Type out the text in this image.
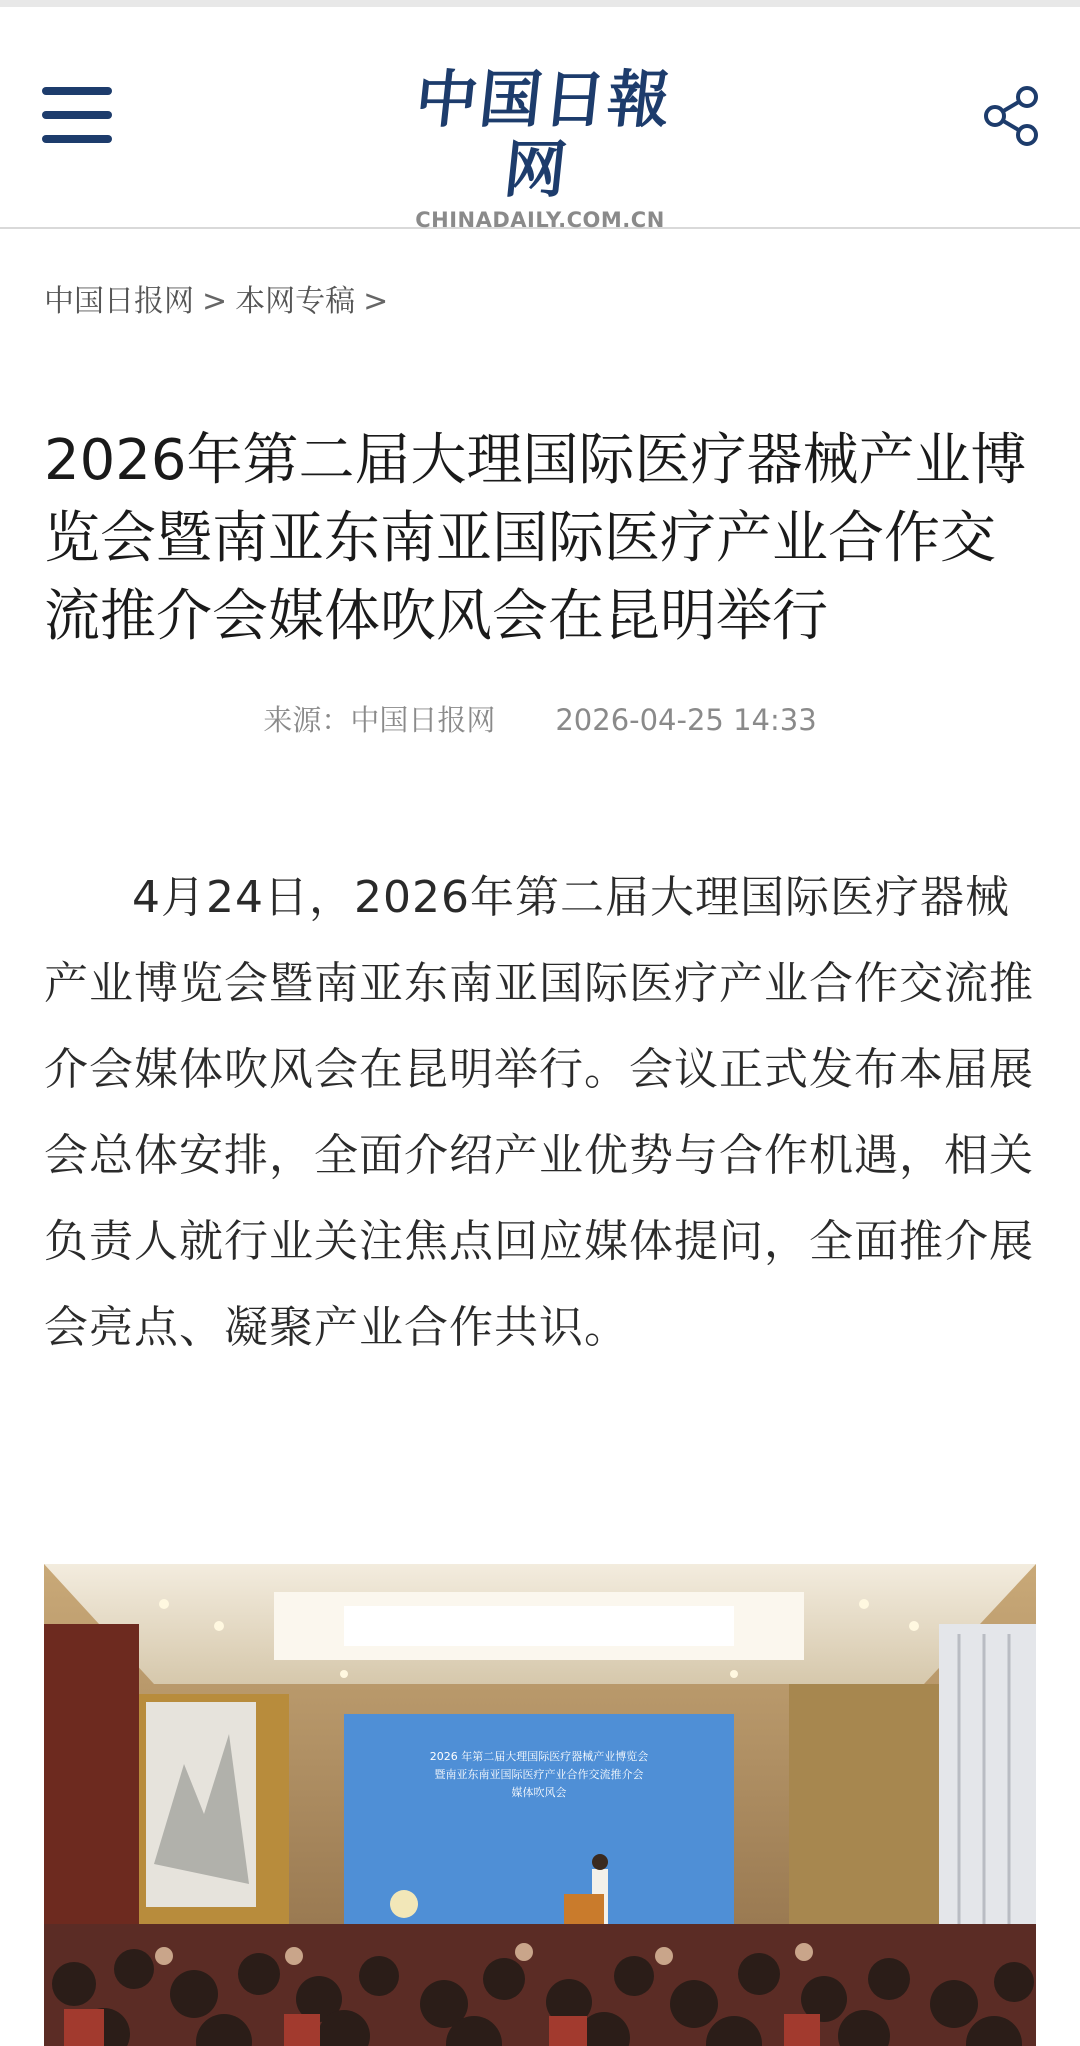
中国日報网
CHINADAILY.COM.CN
中国日报网 > 本网专稿 >
2026年第二届大理国际医疗器械产业博览会暨南亚东南亚国际医疗产业合作交流推介会媒体吹风会在昆明举行
来源：中国日报网 2026-04-25 14:33

4月24日，2026年第二届大理国际医疗器械产业博览会暨南亚东南亚国际医疗产业合作交流推介会媒体吹风会在昆明举行。会议正式发布本届展会总体安排，全面介绍产业优势与合作机遇，相关负责人就行业关注焦点回应媒体提问，全面推介展会亮点、凝聚产业合作共识。

2026 年第二届大理国际医疗器械产业博览会
暨南亚东南亚国际医疗产业合作交流推介会
媒体吹风会
